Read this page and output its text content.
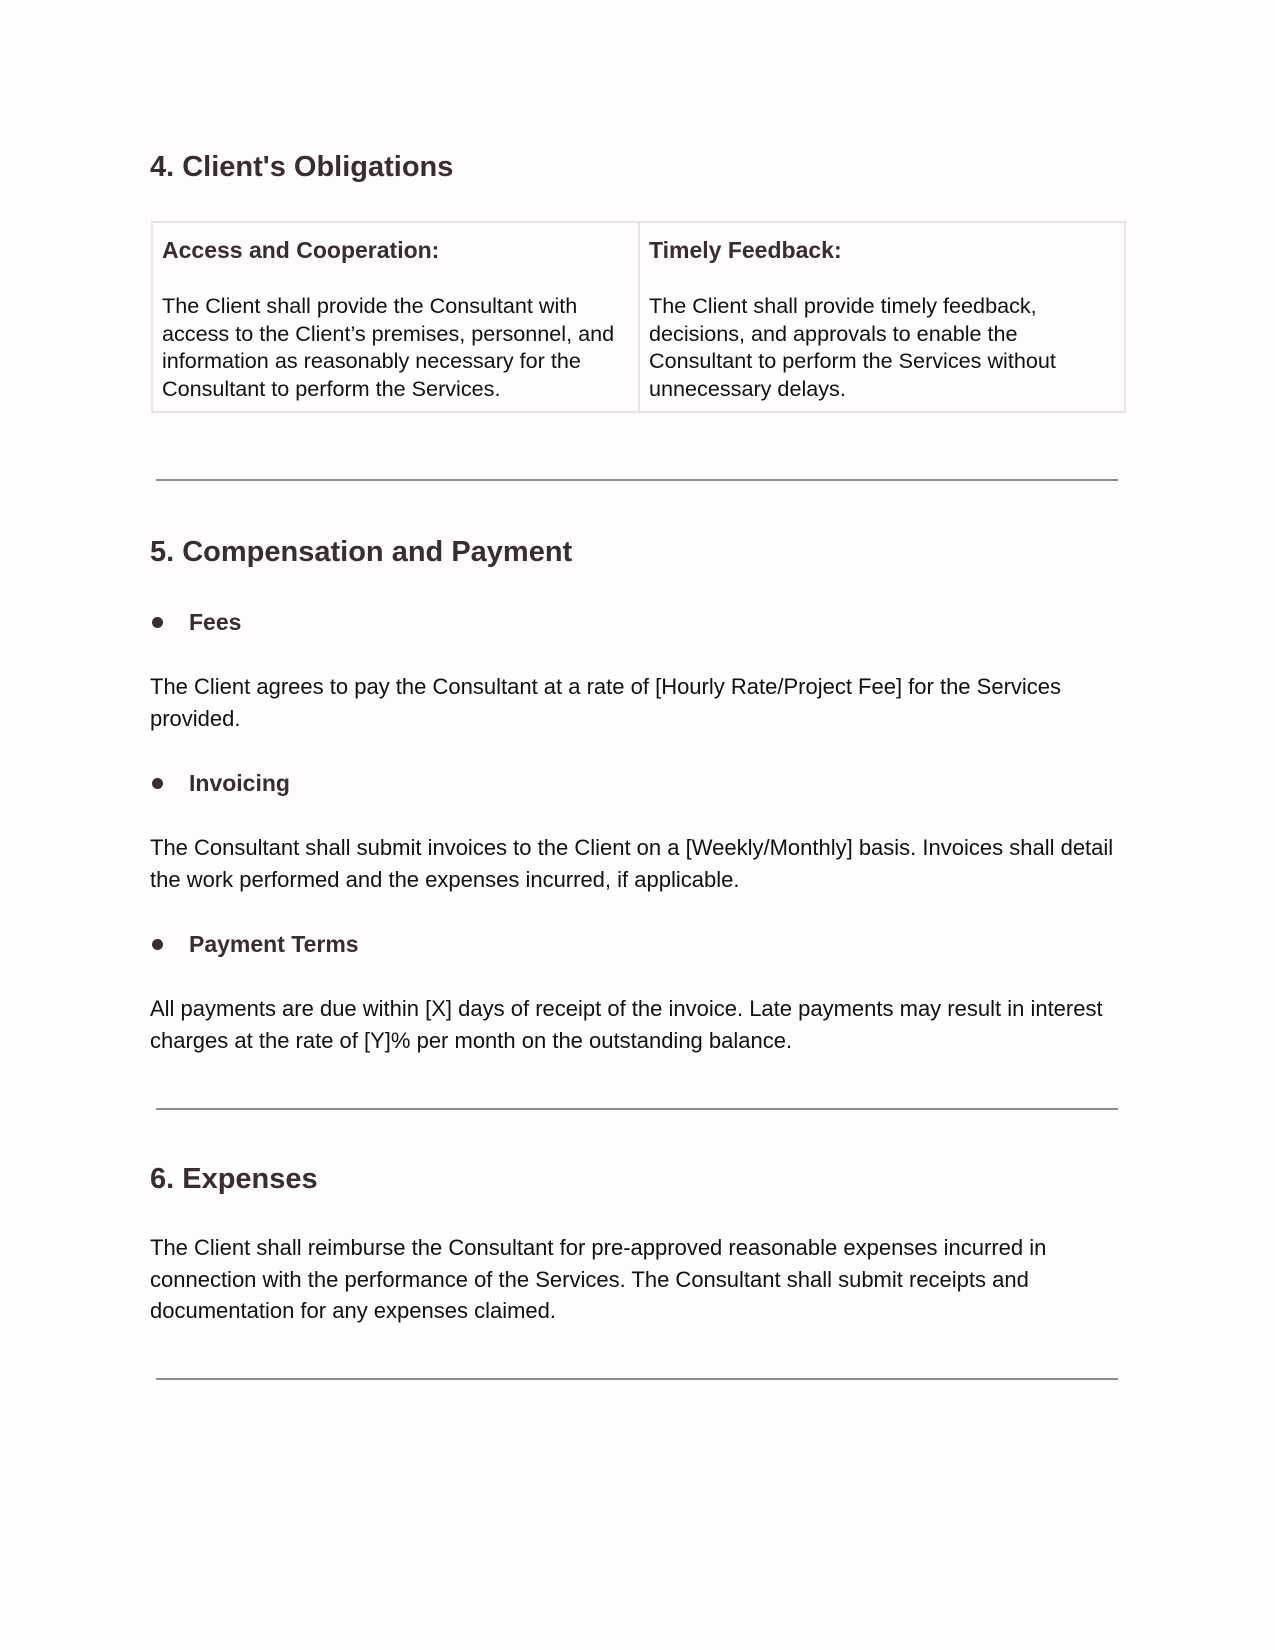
4. Client's Obligations

Access and Cooperation:

The Client shall provide the Consultant with access to the Client’s premises, personnel, and information as reasonably necessary for the Consultant to perform the Services.

Timely Feedback:

The Client shall provide timely feedback, decisions, and approvals to enable the Consultant to perform the Services without unnecessary delays.

5. Compensation and Payment
Fees

The Client agrees to pay the Consultant at a rate of [Hourly Rate/Project Fee] for the Services provided.

Invoicing

The Consultant shall submit invoices to the Client on a [Weekly/Monthly] basis. Invoices shall detail the work performed and the expenses incurred, if applicable.

Payment Terms

All payments are due within [X] days of receipt of the invoice. Late payments may result in interest charges at the rate of [Y]% per month on the outstanding balance.

6. Expenses

The Client shall reimburse the Consultant for pre-approved reasonable expenses incurred in connection with the performance of the Services. The Consultant shall submit receipts and documentation for any expenses claimed.
